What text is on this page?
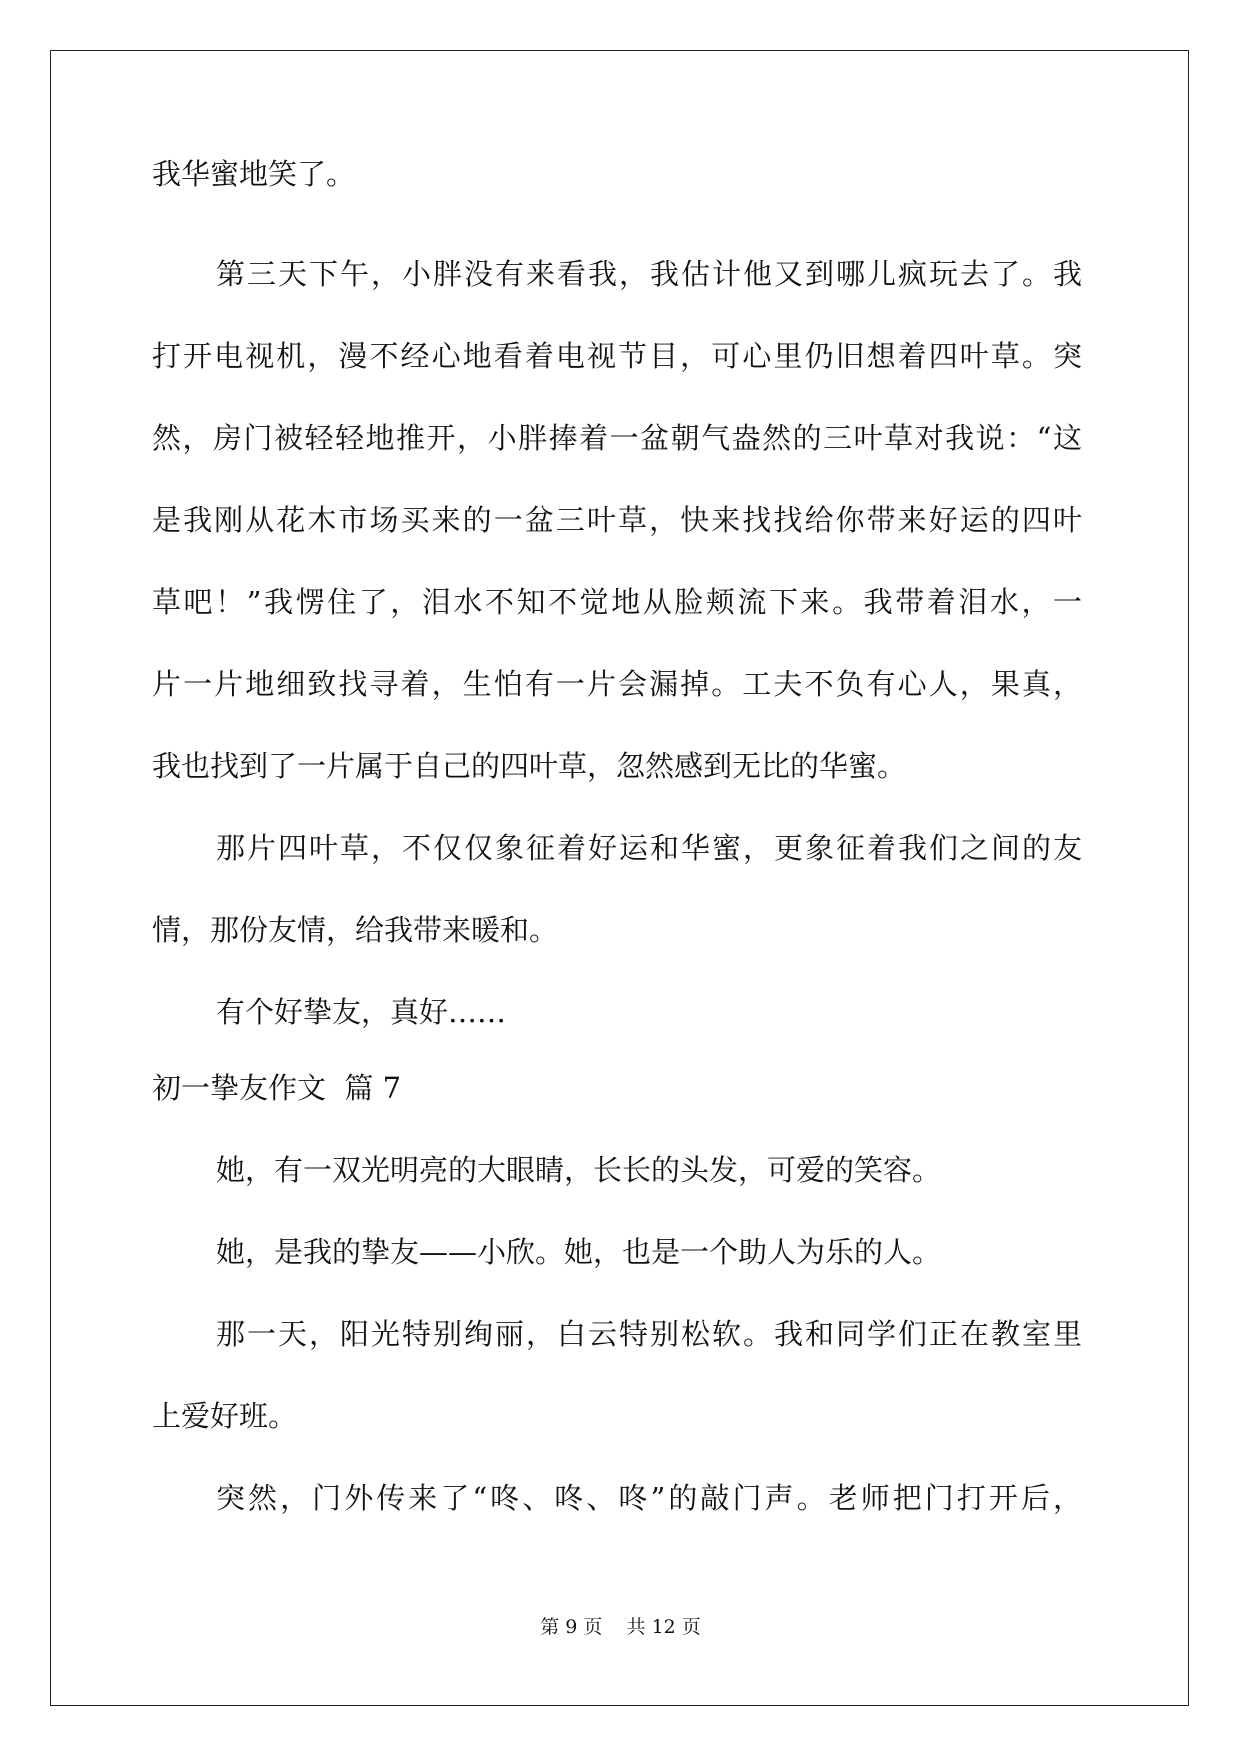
我华蜜地笑了。
第三天下午，小胖没有来看我，我估计他又到哪儿疯玩去了。我
打开电视机，漫不经心地看着电视节目，可心里仍旧想着四叶草。突
然，房门被轻轻地推开，小胖捧着一盆朝气盎然的三叶草对我说：“这
是我刚从花木市场买来的一盆三叶草，快来找找给你带来好运的四叶
草吧！”我愣住了，泪水不知不觉地从脸颊流下来。我带着泪水，一
片一片地细致找寻着，生怕有一片会漏掉。工夫不负有心人，果真，
我也找到了一片属于自己的四叶草，忽然感到无比的华蜜。
那片四叶草，不仅仅象征着好运和华蜜，更象征着我们之间的友
情，那份友情，给我带来暖和。
有个好挚友，真好……
初一挚友作文  篇 7
她，有一双光明亮的大眼睛，长长的头发，可爱的笑容。
她，是我的挚友——小欣。她，也是一个助人为乐的人。
那一天，阳光特别绚丽，白云特别松软。我和同学们正在教室里
上爱好班。
突然，门外传来了“咚、咚、咚”的敲门声。老师把门打开后，
第 9 页    共 12 页
